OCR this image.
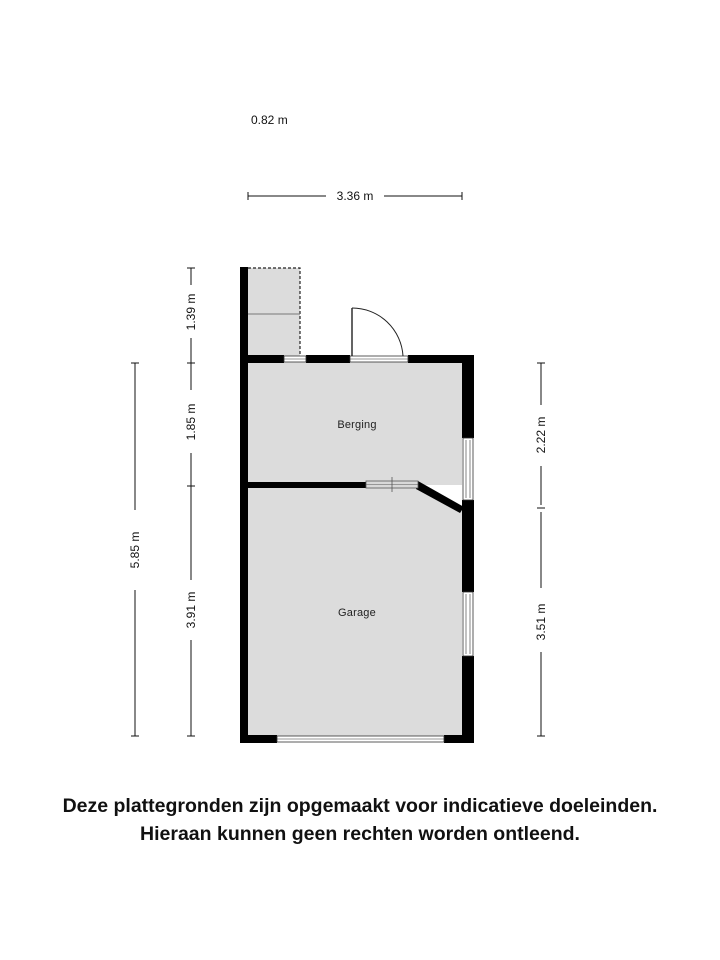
Berging
Garage
0.82 m
3.36 m
5.85 m
1.39 m
1.85 m
3.91 m
2.22 m
3.51 m
Deze plattegronden zijn opgemaakt voor indicatieve doeleinden.
Hieraan kunnen geen rechten worden ontleend.
